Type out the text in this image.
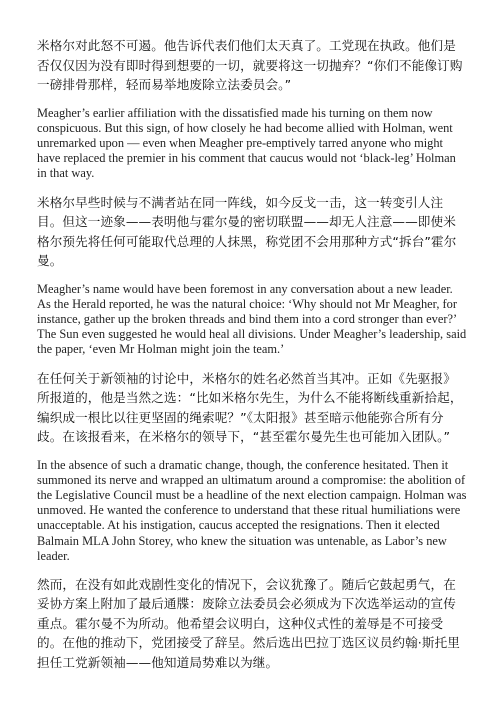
米格尔对此怒不可遏。他告诉代表们他们太天真了。工党现在执政。他们是否仅仅因为没有即时得到想要的一切，就要将这一切抛弃？“你们不能像订购一磅排骨那样，轻而易举地废除立法委员会。”

Meagher’s earlier affiliation with the dissatisfied made his turning on them now conspicuous. But this sign, of how closely he had become allied with Holman, went unremarked upon — even when Meagher pre-emptively tarred anyone who might have replaced the premier in his comment that caucus would not ‘black-leg’ Holman in that way.

米格尔早些时候与不满者站在同一阵线，如今反戈一击，这一转变引人注目。但这一迹象——表明他与霍尔曼的密切联盟——却无人注意——即使米格尔预先将任何可能取代总理的人抹黑，称党团不会用那种方式“拆台”霍尔曼。

Meagher’s name would have been foremost in any conversation about a new leader. As the Herald reported, he was the natural choice: ‘Why should not Mr Meagher, for instance, gather up the broken threads and bind them into a cord stronger than ever?’ The Sun even suggested he would heal all divisions. Under Meagher’s leadership, said the paper, ‘even Mr Holman might join the team.’

在任何关于新领袖的讨论中，米格尔的姓名必然首当其冲。正如《先驱报》所报道的，他是当然之选：“比如米格尔先生，为什么不能将断线重新拾起，编织成一根比以往更坚固的绳索呢？”《太阳报》甚至暗示他能弥合所有分歧。在该报看来，在米格尔的领导下，“甚至霍尔曼先生也可能加入团队。”

In the absence of such a dramatic change, though, the conference hesitated. Then it summoned its nerve and wrapped an ultimatum around a compromise: the abolition of the Legislative Council must be a headline of the next election campaign. Holman was unmoved. He wanted the conference to understand that these ritual humiliations were unacceptable. At his instigation, caucus accepted the resignations. Then it elected Balmain MLA John Storey, who knew the situation was untenable, as Labor’s new leader.

然而，在没有如此戏剧性变化的情况下，会议犹豫了。随后它鼓起勇气，在妥协方案上附加了最后通牒：废除立法委员会必须成为下次选举运动的宣传重点。霍尔曼不为所动。他希望会议明白，这种仪式性的羞辱是不可接受的。在他的推动下，党团接受了辞呈。然后选出巴拉丁选区议员约翰·斯托里担任工党新领袖——他知道局势难以为继。
